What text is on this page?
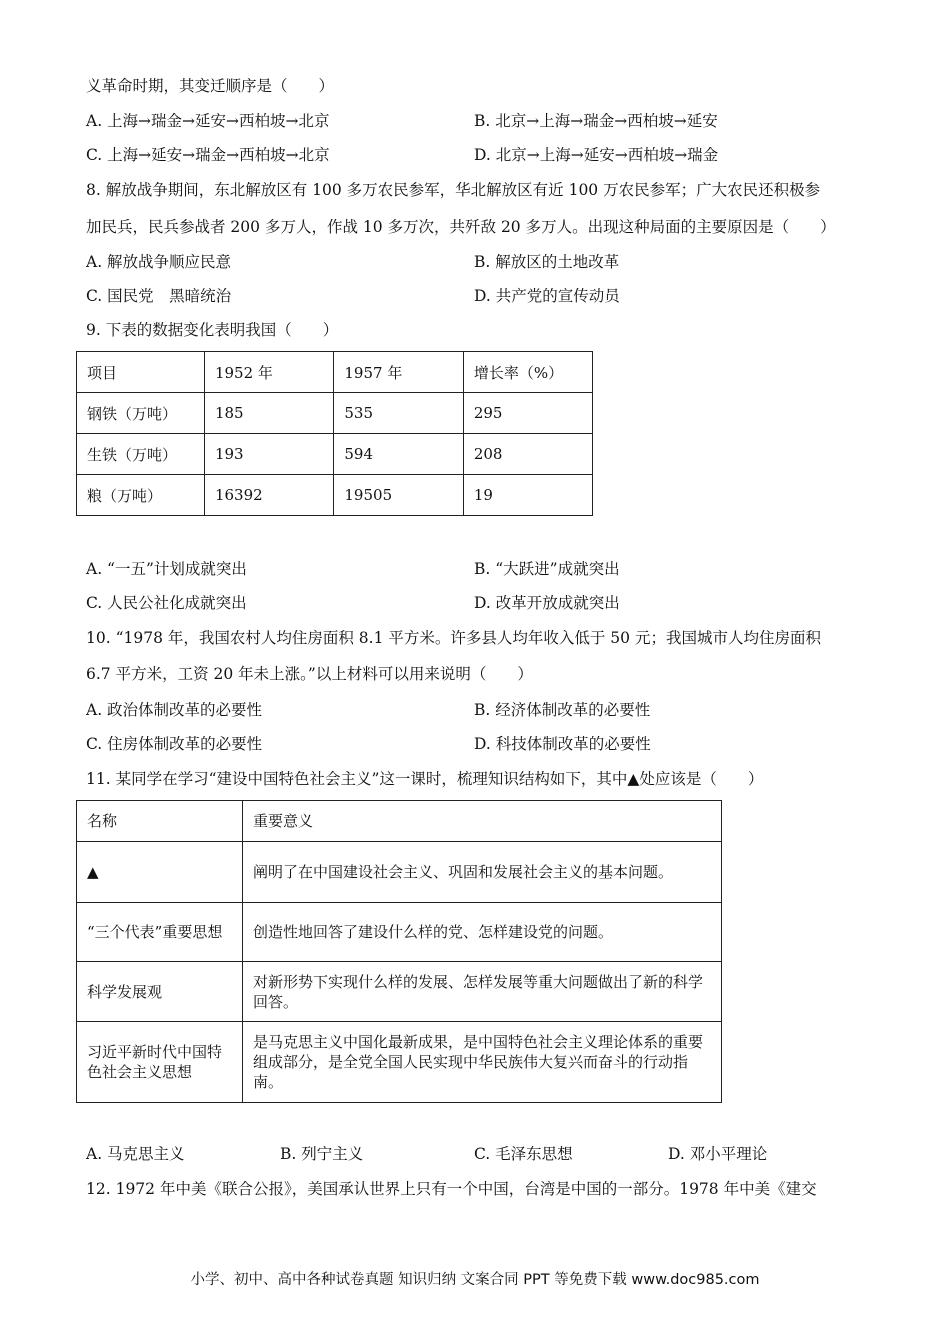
义革命时期，其变迁顺序是（　　）
A. 上海→瑞金→延安→西柏坡→北京	B. 北京→上海→瑞金→西柏坡→延安
C. 上海→延安→瑞金→西柏坡→北京	D. 北京→上海→延安→西柏坡→瑞金
8. 解放战争期间，东北解放区有 100 多万农民参军，华北解放区有近 100 万农民参军；广大农民还积极参
加民兵，民兵参战者 200 多万人，作战 10 多万次，共歼敌 20 多万人。出现这种局面的主要原因是（　　）
A. 解放战争顺应民意	B. 解放区的土地改革
C. 国民党　黑暗统治	D. 共产党的宣传动员
9. 下表的数据变化表明我国（　　）
项目	1952 年	1957 年	增长率（%）
钢铁（万吨）	185	535	295
生铁（万吨）	193	594	208
粮（万吨）	16392	19505	19
A. “一五”计划成就突出	B. “大跃进”成就突出
C. 人民公社化成就突出	D. 改革开放成就突出
10. “1978 年，我国农村人均住房面积 8.1 平方米。许多县人均年收入低于 50 元；我国城市人均住房面积
6.7 平方米，工资 20 年未上涨。”以上材料可以用来说明（　　）
A. 政治体制改革的必要性	B. 经济体制改革的必要性
C. 住房体制改革的必要性	D. 科技体制改革的必要性
11. 某同学在学习“建设中国特色社会主义”这一课时，梳理知识结构如下，其中▲处应该是（　　）
名称	重要意义
▲	阐明了在中国建设社会主义、巩固和发展社会主义的基本问题。
“三个代表”重要思想	创造性地回答了建设什么样的党、怎样建设党的问题。
科学发展观	对新形势下实现什么样的发展、怎样发展等重大问题做出了新的科学回答。
习近平新时代中国特色社会主义思想	是马克思主义中国化最新成果，是中国特色社会主义理论体系的重要组成部分，是全党全国人民实现中华民族伟大复兴而奋斗的行动指南。
A. 马克思主义	B. 列宁主义	C. 毛泽东思想	D. 邓小平理论
12. 1972 年中美《联合公报》，美国承认世界上只有一个中国，台湾是中国的一部分。1978 年中美《建交
小学、初中、高中各种试卷真题 知识归纳 文案合同 PPT 等免费下载 www.doc985.com
